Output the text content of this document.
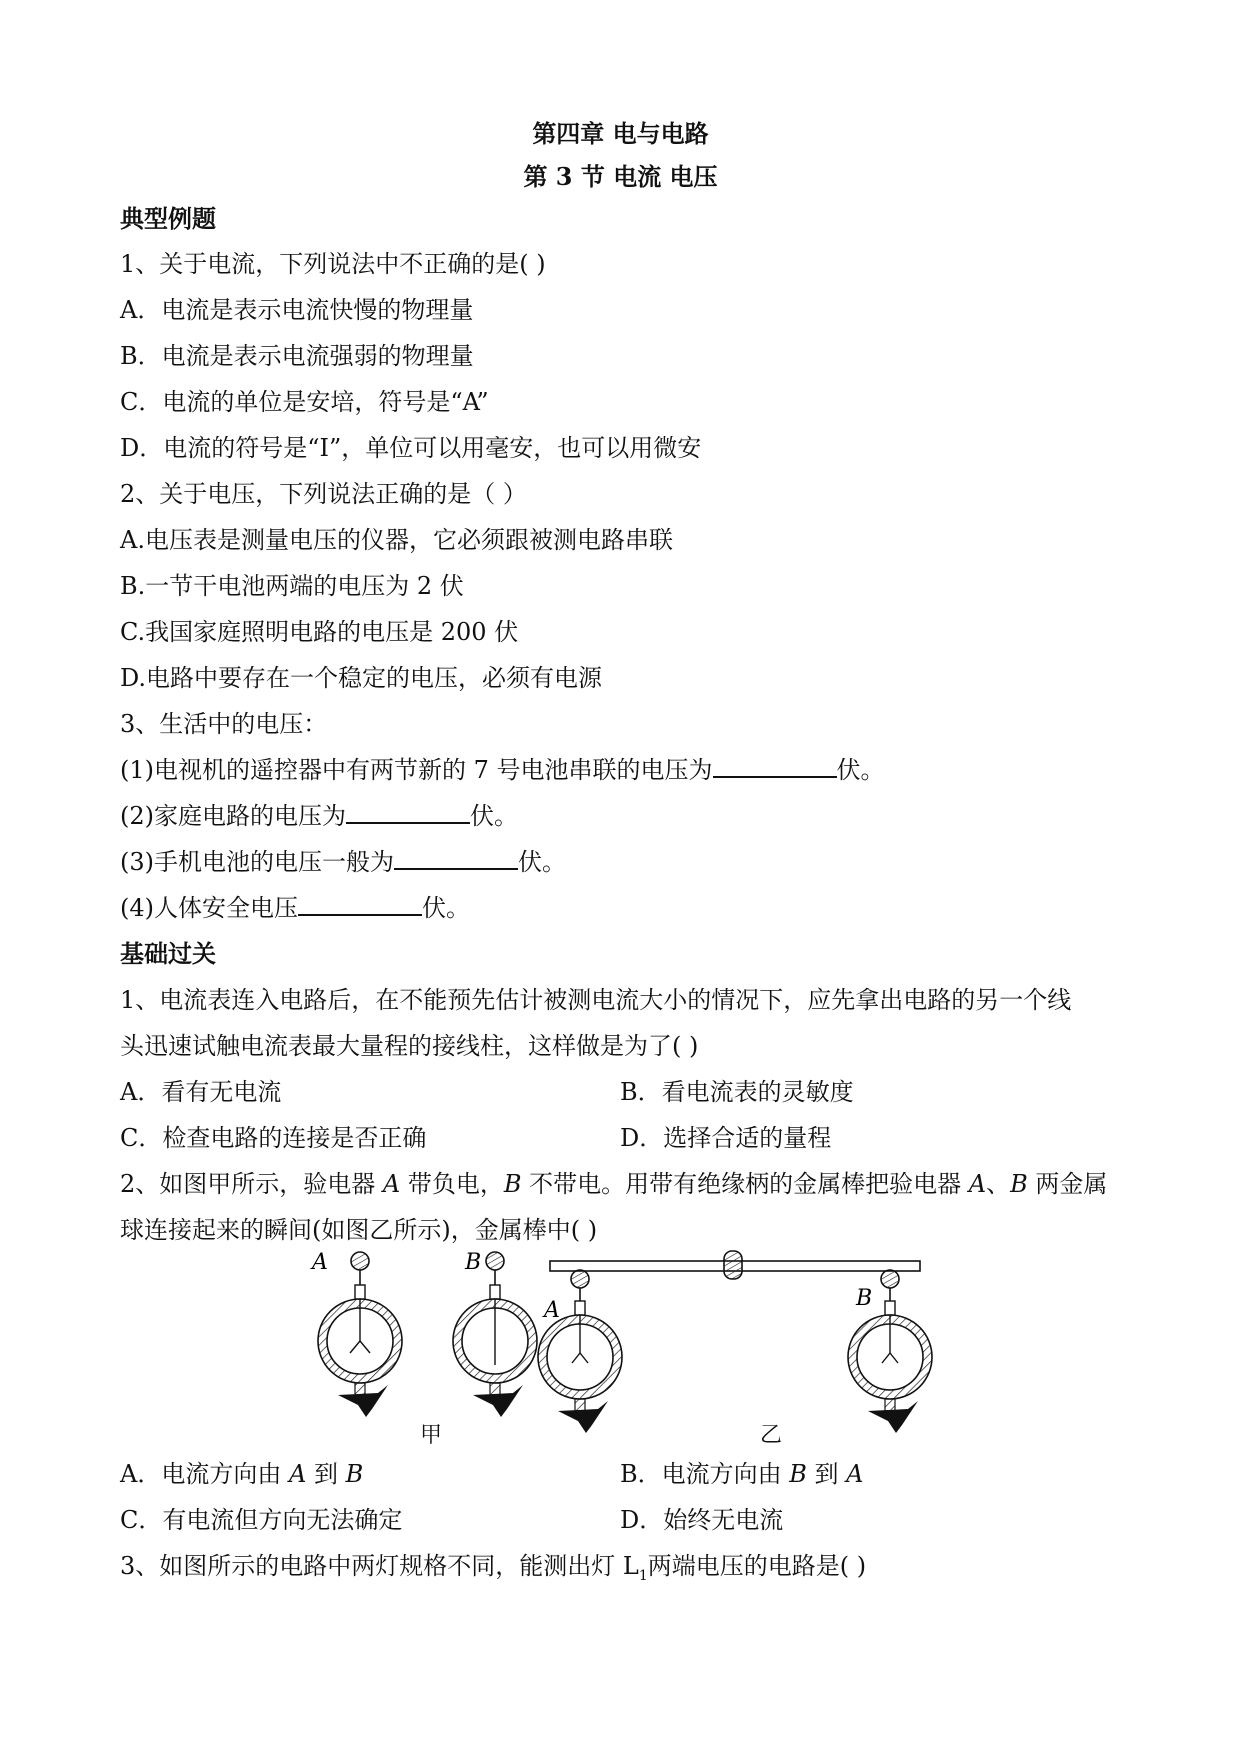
第四章 电与电路
第 3 节 电流 电压
典型例题
1、关于电流，下列说法中不正确的是( )
A．电流是表示电流快慢的物理量
B．电流是表示电流强弱的物理量
C．电流的单位是安培，符号是“A”
D．电流的符号是“I”，单位可以用毫安，也可以用微安
2、关于电压，下列说法正确的是（ ）
A.电压表是测量电压的仪器，它必须跟被测电路串联
B.一节干电池两端的电压为 2 伏
C.我国家庭照明电路的电压是 200 伏
D.电路中要存在一个稳定的电压，必须有电源
3、生活中的电压：
(1)电视机的遥控器中有两节新的 7 号电池串联的电压为	伏。
(2)家庭电路的电压为	伏。
(3)手机电池的电压一般为	伏。
(4)人体安全电压	伏。
基础过关
1、电流表连入电路后，在不能预先估计被测电流大小的情况下，应先拿出电路的另一个线
头迅速试触电流表最大量程的接线柱，这样做是为了( )
A．看有无电流	B．看电流表的灵敏度
C．检查电路的连接是否正确	D．选择合适的量程
2、如图甲所示，验电器 A 带负电，B 不带电。用带有绝缘柄的金属棒把验电器 A、B 两金属
球连接起来的瞬间(如图乙所示)，金属棒中( )
A	B
A	B
甲	乙
A．电流方向由 A 到 B	B．电流方向由 B 到 A
C．有电流但方向无法确定	D．始终无电流
3、如图所示的电路中两灯规格不同，能测出灯 $L_1$两端电压的电路是( )
